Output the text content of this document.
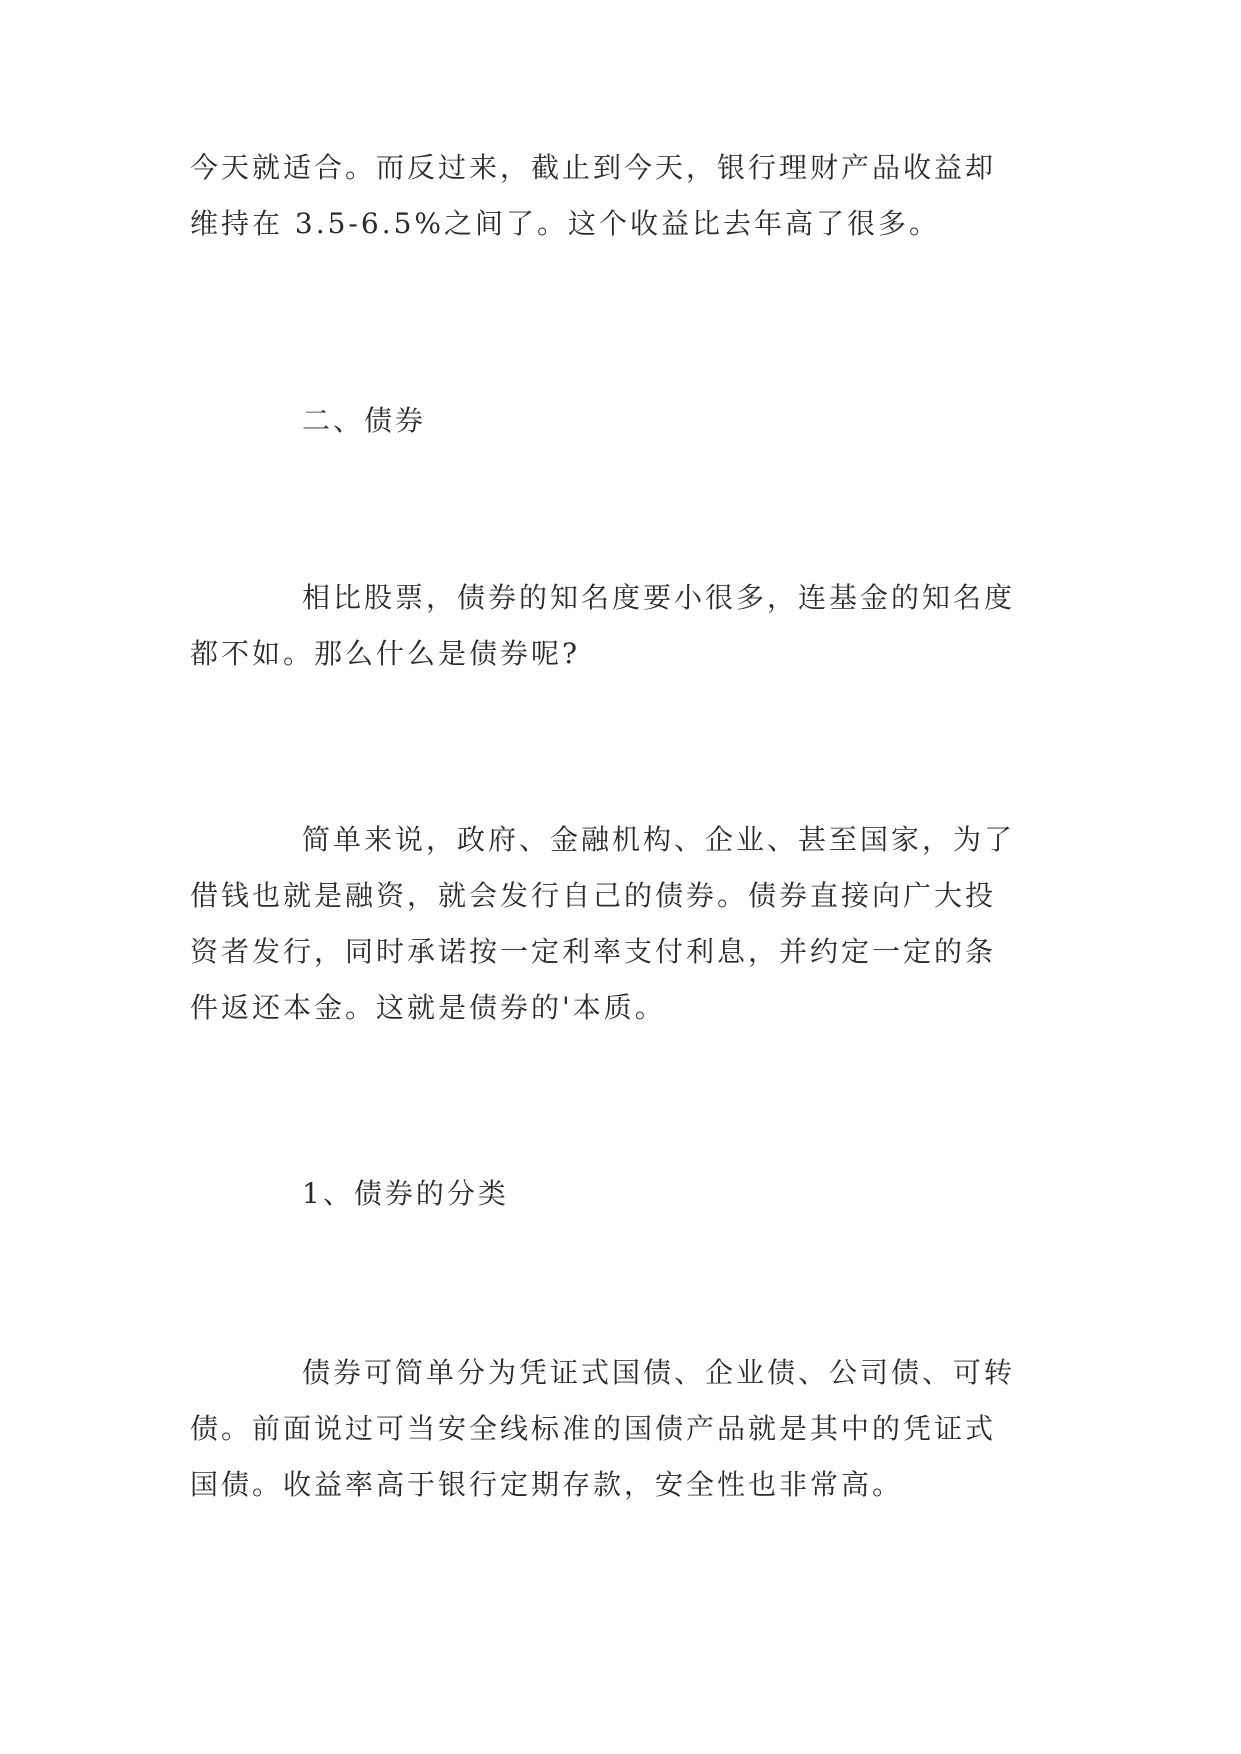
今天就适合。而反过来，截止到今天，银行理财产品收益却
维持在 3.5-6.5%之间了。这个收益比去年高了很多。
二、债券
相比股票，债券的知名度要小很多，连基金的知名度
都不如。那么什么是债券呢?
简单来说，政府、金融机构、企业、甚至国家，为了
借钱也就是融资，就会发行自己的债券。债券直接向广大投
资者发行，同时承诺按一定利率支付利息，并约定一定的条
件返还本金。这就是债券的'本质。
1、债券的分类
债券可简单分为凭证式国债、企业债、公司债、可转
债。前面说过可当安全线标准的国债产品就是其中的凭证式
国债。收益率高于银行定期存款，安全性也非常高。
